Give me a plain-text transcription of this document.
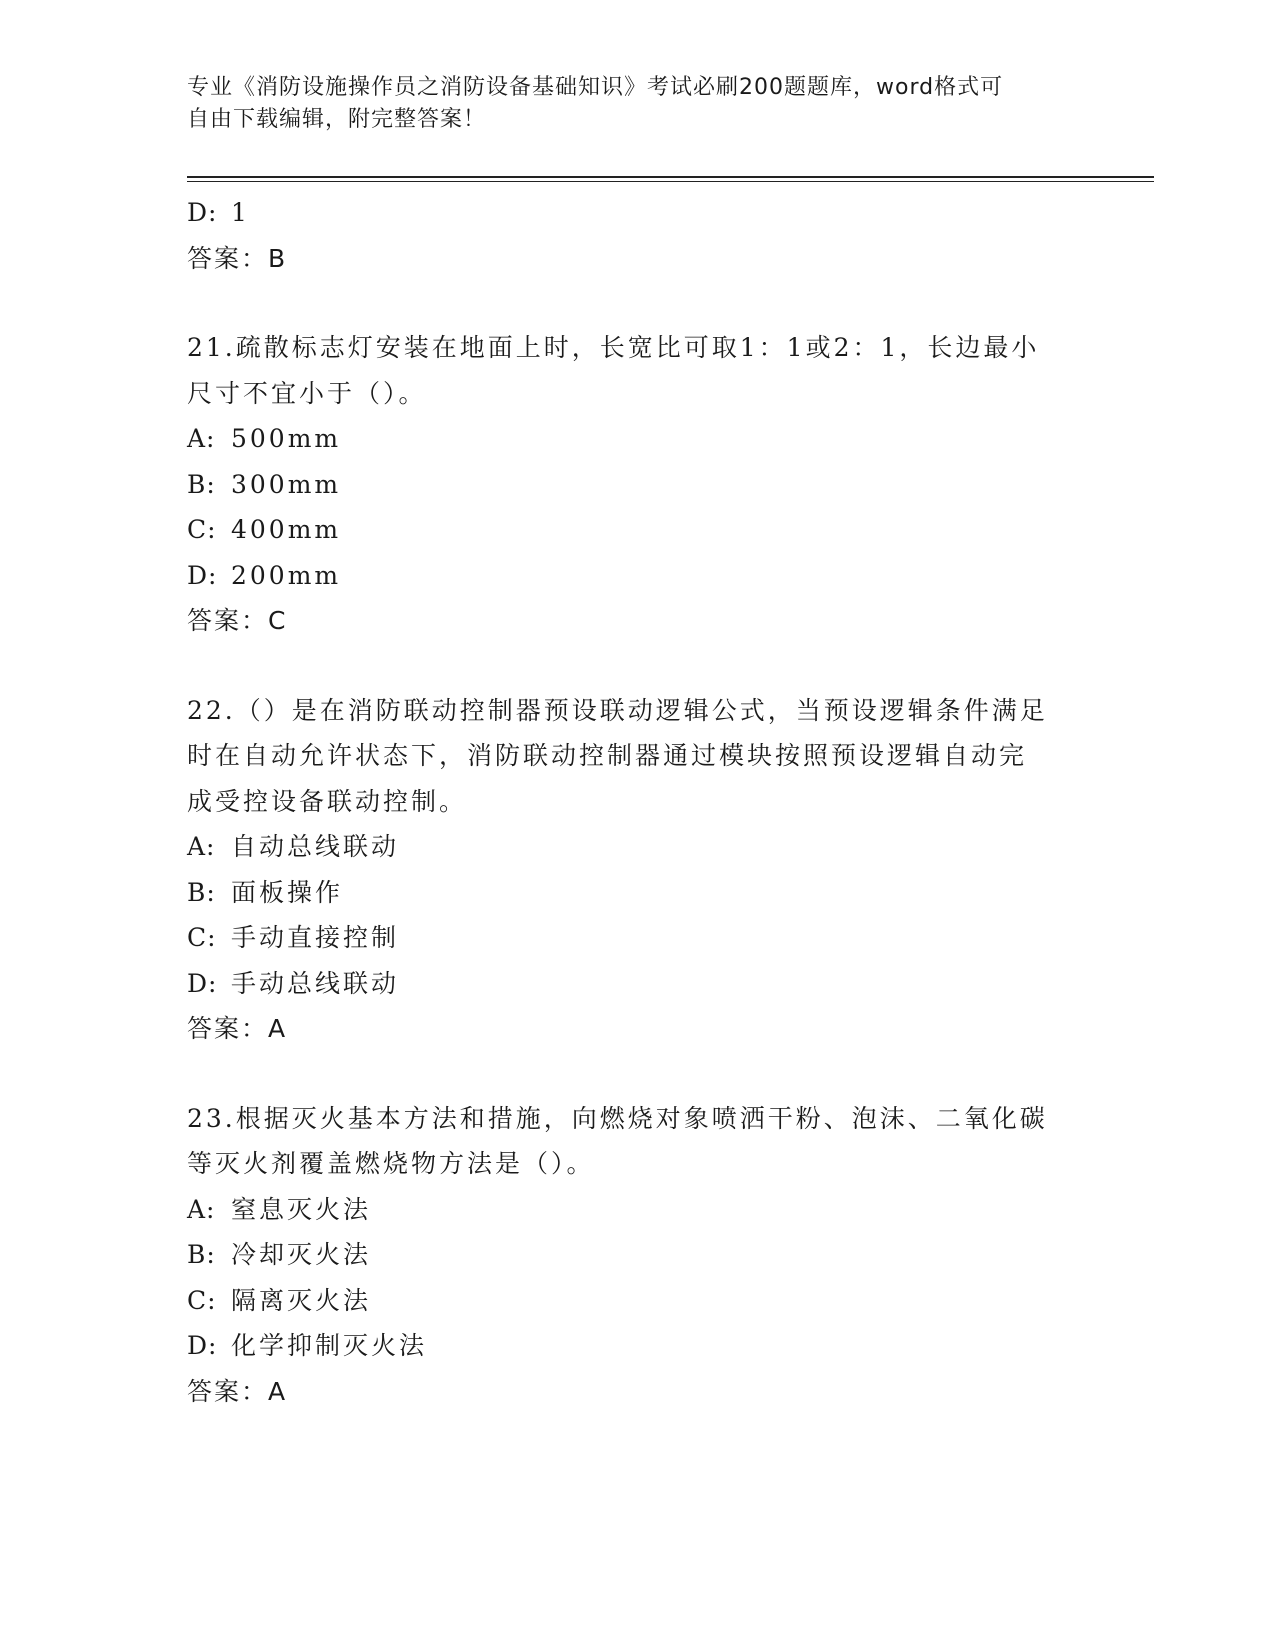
专业《消防设施操作员之消防设备基础知识》考试必刷200题题库，word格式可
自由下载编辑，附完整答案！
D: 1
答案：B
21.疏散标志灯安装在地面上时，长宽比可取1：1或2：1，长边最小
尺寸不宜小于（）。
A: 500mm
B: 300mm
C: 400mm
D: 200mm
答案：C
22.（）是在消防联动控制器预设联动逻辑公式，当预设逻辑条件满足
时在自动允许状态下，消防联动控制器通过模块按照预设逻辑自动完
成受控设备联动控制。
A: 自动总线联动
B: 面板操作
C: 手动直接控制
D: 手动总线联动
答案：A
23.根据灭火基本方法和措施，向燃烧对象喷洒干粉、泡沫、二氧化碳
等灭火剂覆盖燃烧物方法是（）。
A: 窒息灭火法
B: 冷却灭火法
C: 隔离灭火法
D: 化学抑制灭火法
答案：A
